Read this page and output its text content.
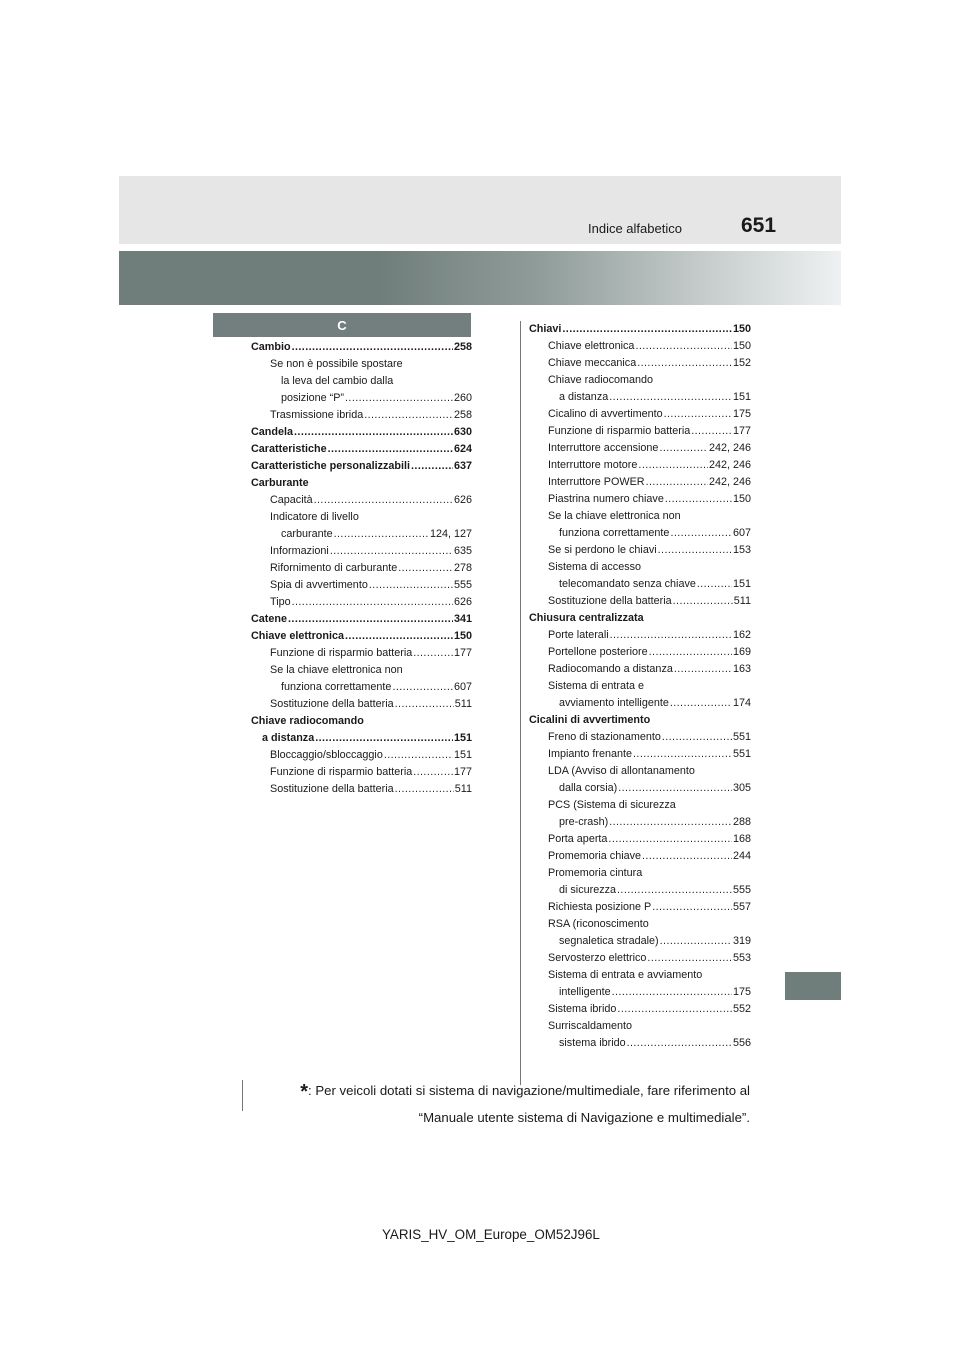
Indice alfabetico	651
C
Cambio .....	258
Se non è possibile spostare
la leva del cambio dalla
posizione “P” .....	260
Trasmissione ibrida .....	258
Candela .....	630
Caratteristiche .....	624
Caratteristiche personalizzabili .....	637
Carburante
Capacità .....	626
Indicatore di livello
carburante .....	124, 127
Informazioni .....	635
Rifornimento di carburante .....	278
Spia di avvertimento .....	555
Tipo .....	626
Catene .....	341
Chiave elettronica .....	150
Funzione di risparmio batteria .....	177
Se la chiave elettronica non
funziona correttamente .....	607
Sostituzione della batteria .....	511
Chiave radiocomando
a distanza .....	151
Bloccaggio/sbloccaggio .....	151
Funzione di risparmio batteria .....	177
Sostituzione della batteria .....	511
Chiavi .....	150
Chiave elettronica .....	150
Chiave meccanica .....	152
Chiave radiocomando
a distanza .....	151
Cicalino di avvertimento .....	175
Funzione di risparmio batteria .....	177
Interruttore accensione .....	242, 246
Interruttore motore .....	242, 246
Interruttore POWER .....	242, 246
Piastrina numero chiave .....	150
Se la chiave elettronica non
funziona correttamente .....	607
Se si perdono le chiavi .....	153
Sistema di accesso
telecomandato senza chiave .....	151
Sostituzione della batteria .....	511
Chiusura centralizzata
Porte laterali .....	162
Portellone posteriore .....	169
Radiocomando a distanza .....	163
Sistema di entrata e
avviamento intelligente .....	174
Cicalini di avvertimento
Freno di stazionamento .....	551
Impianto frenante .....	551
LDA (Avviso di allontanamento
dalla corsia) .....	305
PCS (Sistema di sicurezza
pre-crash) .....	288
Porta aperta .....	168
Promemoria chiave .....	244
Promemoria cintura
di sicurezza .....	555
Richiesta posizione P .....	557
RSA (riconoscimento
segnaletica stradale) .....	319
Servosterzo elettrico .....	553
Sistema di entrata e avviamento
intelligente .....	175
Sistema ibrido .....	552
Surriscaldamento
sistema ibrido .....	556
*: Per veicoli dotati si sistema di navigazione/multimediale, fare riferimento al
“Manuale utente sistema di Navigazione e multimediale”.
YARIS_HV_OM_Europe_OM52J96L
